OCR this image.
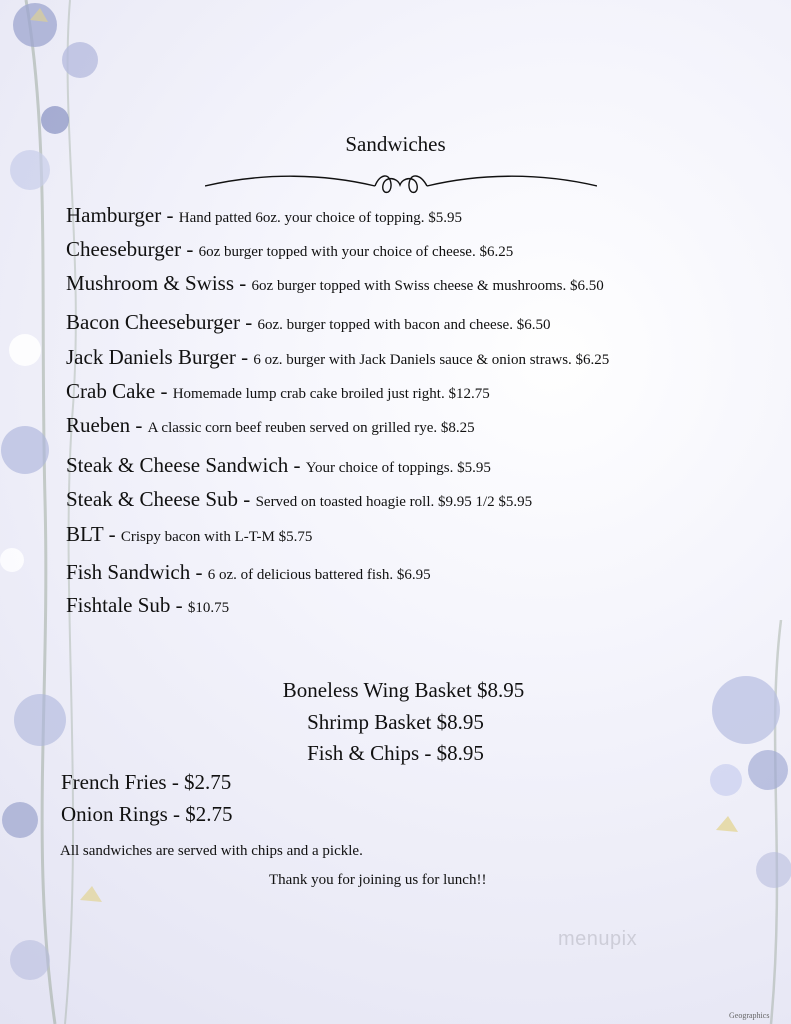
Sandwiches
Hamburger - Hand patted 6oz. your choice of topping. $5.95
Cheeseburger - 6oz burger topped with your choice of cheese. $6.25
Mushroom & Swiss - 6oz burger topped with Swiss cheese & mushrooms. $6.50
Bacon Cheeseburger - 6oz. burger topped with bacon and cheese. $6.50
Jack Daniels Burger - 6 oz. burger with Jack Daniels sauce & onion straws. $6.25
Crab Cake - Homemade lump crab cake broiled just right. $12.75
Rueben - A classic corn beef reuben served on grilled rye. $8.25
Steak & Cheese Sandwich - Your choice of toppings. $5.95
Steak & Cheese Sub - Served on toasted hoagie roll. $9.95 1/2 $5.95
BLT - Crispy bacon with L-T-M $5.75
Fish Sandwich - 6 oz. of delicious battered fish. $6.95
Fishtale Sub - $10.75
Boneless Wing Basket $8.95
Shrimp Basket $8.95
Fish & Chips - $8.95
French Fries - $2.75
Onion Rings - $2.75
All sandwiches are served with chips and a pickle.
Thank you for joining us for lunch!!
menupix
Geographics
